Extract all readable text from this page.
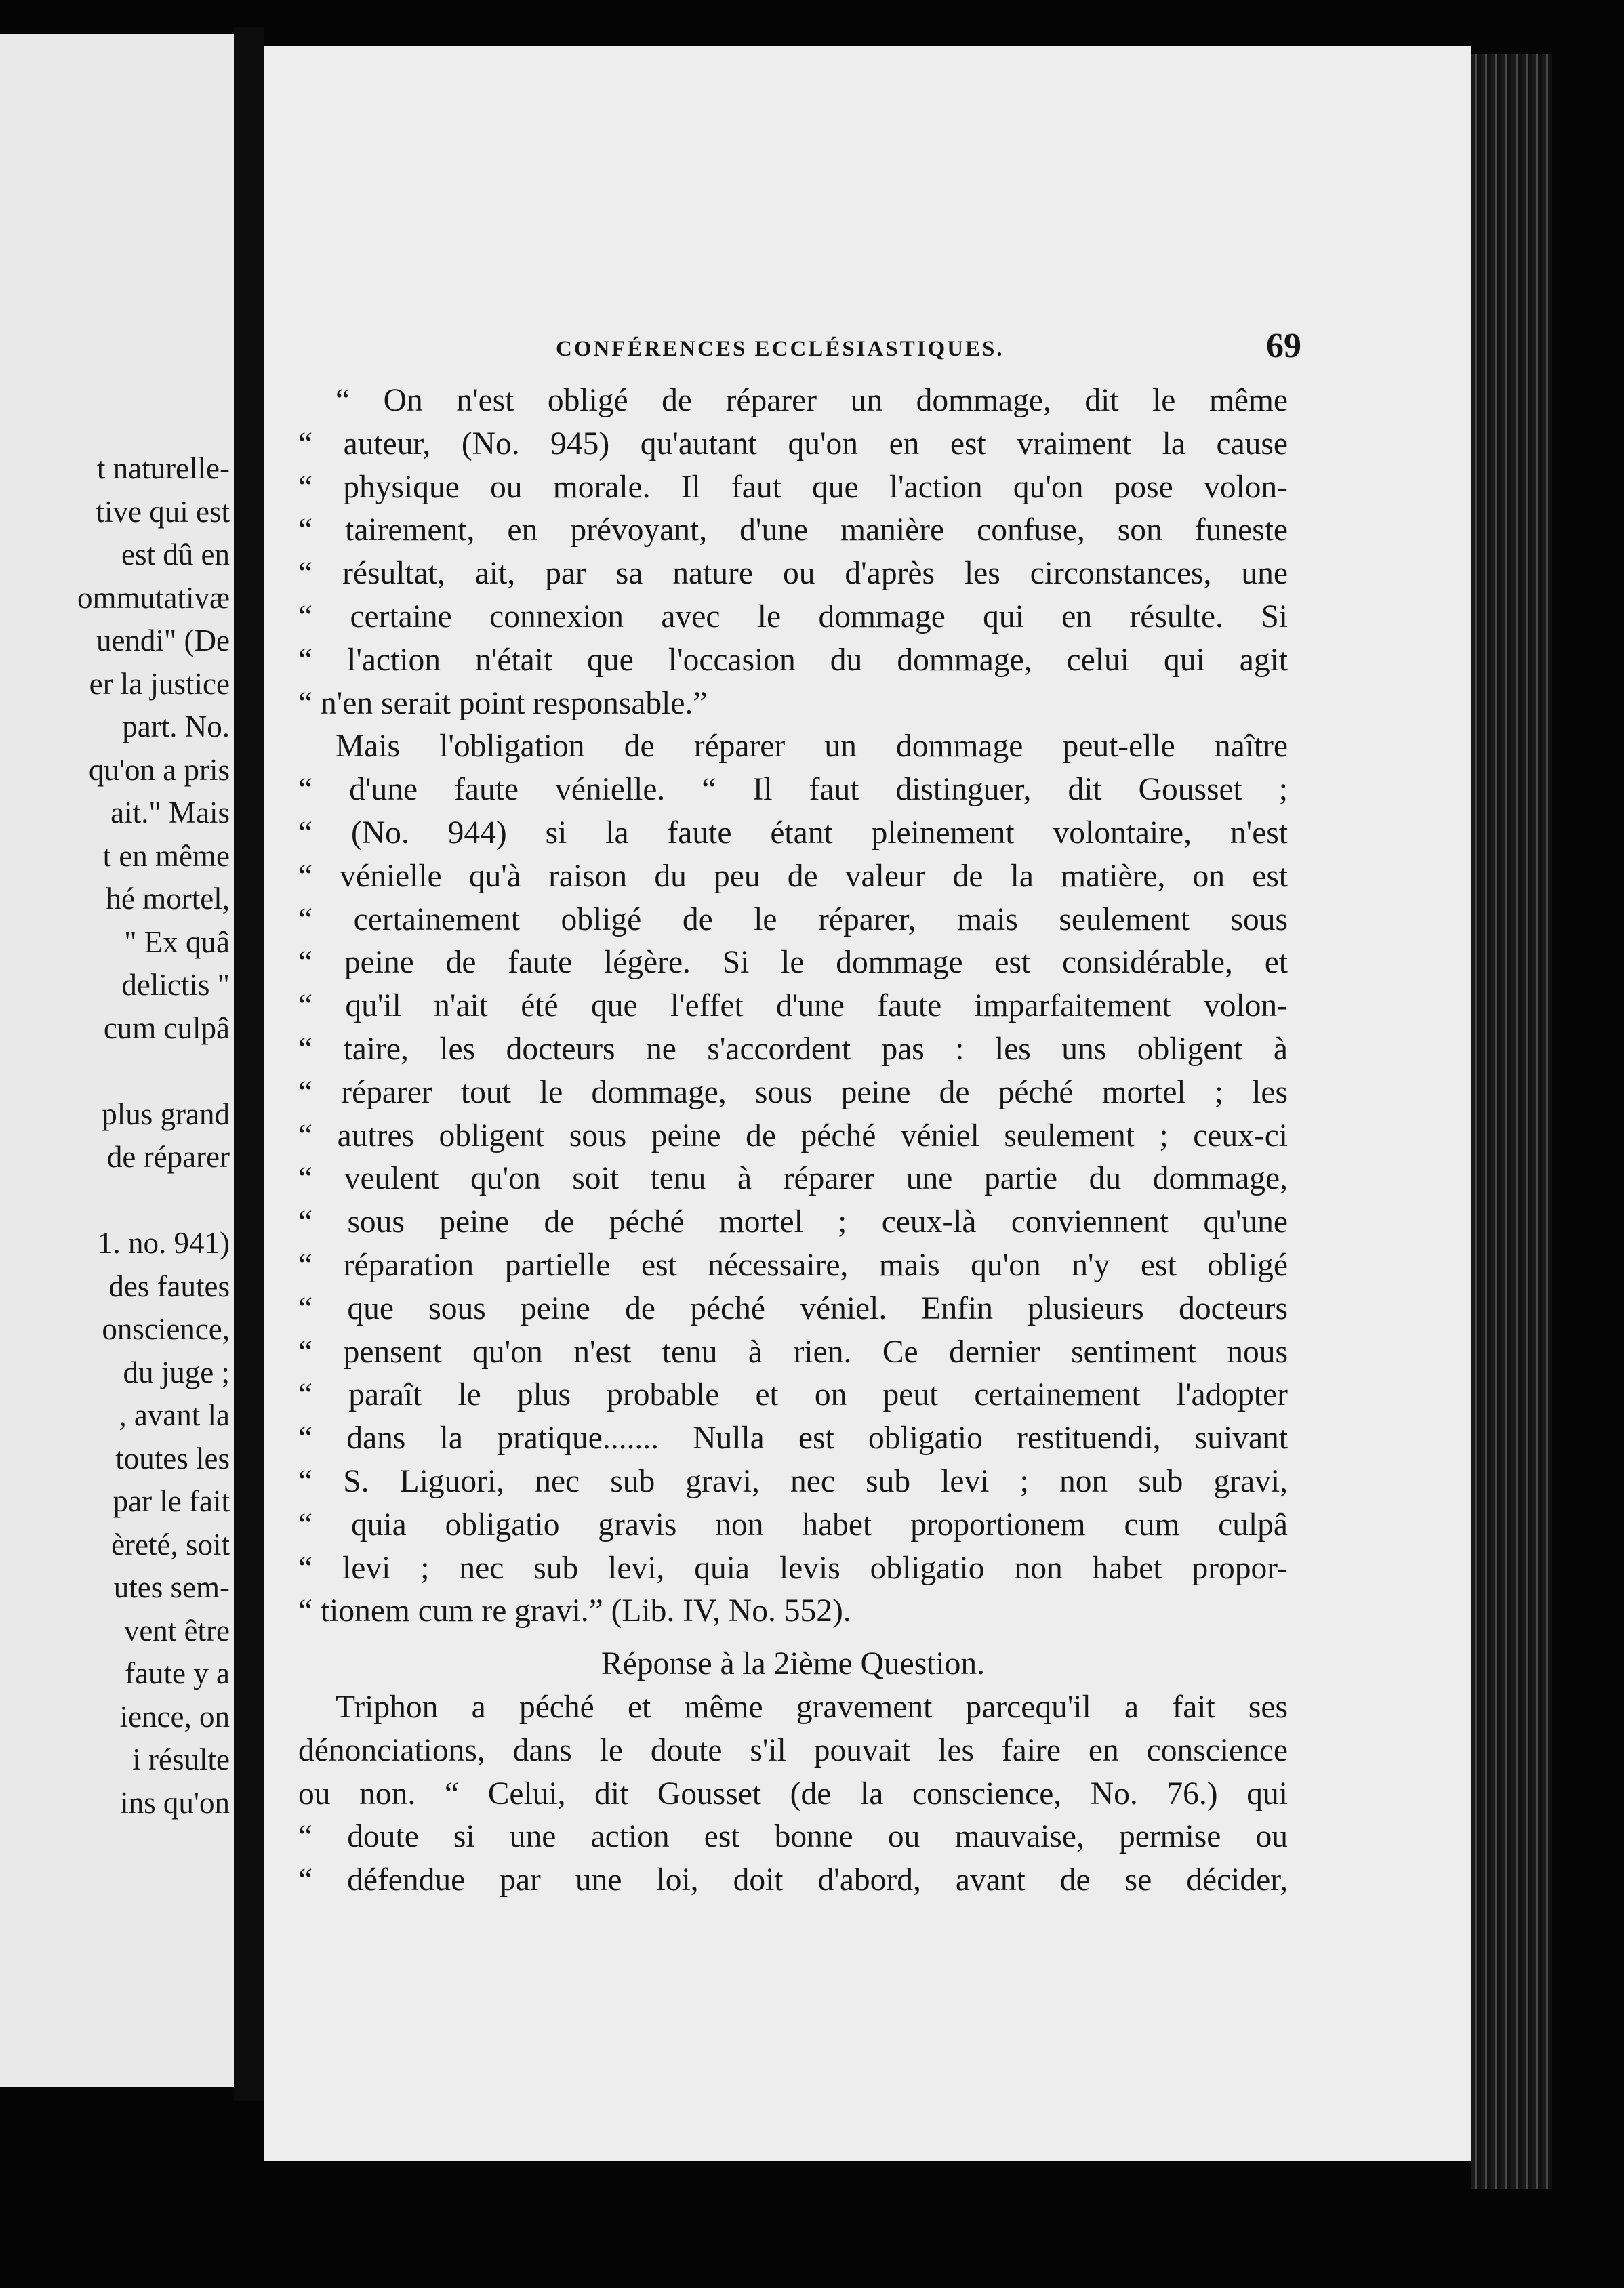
t naturelle-
tive qui est
est dû en
ommutativæ
uendi" (De
er la justice
part. No.
qu'on a pris
ait." Mais
t en même
hé mortel,
" Ex quâ
delictis "
cum culpâ
plus grand
de réparer
1. no. 941)
des fautes
onscience,
du juge ;
, avant la
toutes les
par le fait
èreté, soit
utes sem-
vent être
faute y a
ience, on
i résulte
ins qu'on
CONFÉRENCES ECCLÉSIASTIQUES.	69
“ On n'est obligé de réparer un dommage, dit le même
“ auteur, (No. 945) qu'autant qu'on en est vraiment la cause
“ physique ou morale. Il faut que l'action qu'on pose volon-
“ tairement, en prévoyant, d'une manière confuse, son funeste
“ résultat, ait, par sa nature ou d'après les circonstances, une
“ certaine connexion avec le dommage qui en résulte. Si
“ l'action n'était que l'occasion du dommage, celui qui agit
“ n'en serait point responsable.”
Mais l'obligation de réparer un dommage peut-elle naître
“ d'une faute vénielle. “ Il faut distinguer, dit Gousset ;
“ (No. 944) si la faute étant pleinement volontaire, n'est
“ vénielle qu'à raison du peu de valeur de la matière, on est
“ certainement obligé de le réparer, mais seulement sous
“ peine de faute légère. Si le dommage est considérable, et
“ qu'il n'ait été que l'effet d'une faute imparfaitement volon-
“ taire, les docteurs ne s'accordent pas : les uns obligent à
“ réparer tout le dommage, sous peine de péché mortel ; les
“ autres obligent sous peine de péché véniel seulement ; ceux-ci
“ veulent qu'on soit tenu à réparer une partie du dommage,
“ sous peine de péché mortel ; ceux-là conviennent qu'une
“ réparation partielle est nécessaire, mais qu'on n'y est obligé
“ que sous peine de péché véniel. Enfin plusieurs docteurs
“ pensent qu'on n'est tenu à rien. Ce dernier sentiment nous
“ paraît le plus probable et on peut certainement l'adopter
“ dans la pratique....... Nulla est obligatio restituendi, suivant
“ S. Liguori, nec sub gravi, nec sub levi ; non sub gravi,
“ quia obligatio gravis non habet proportionem cum culpâ
“ levi ; nec sub levi, quia levis obligatio non habet propor-
“ tionem cum re gravi.” (Lib. IV, No. 552).
Réponse à la 2ième Question.
Triphon a péché et même gravement parcequ'il a fait ses
dénonciations, dans le doute s'il pouvait les faire en conscience
ou non. “ Celui, dit Gousset (de la conscience, No. 76.) qui
“ doute si une action est bonne ou mauvaise, permise ou
“ défendue par une loi, doit d'abord, avant de se décider,
